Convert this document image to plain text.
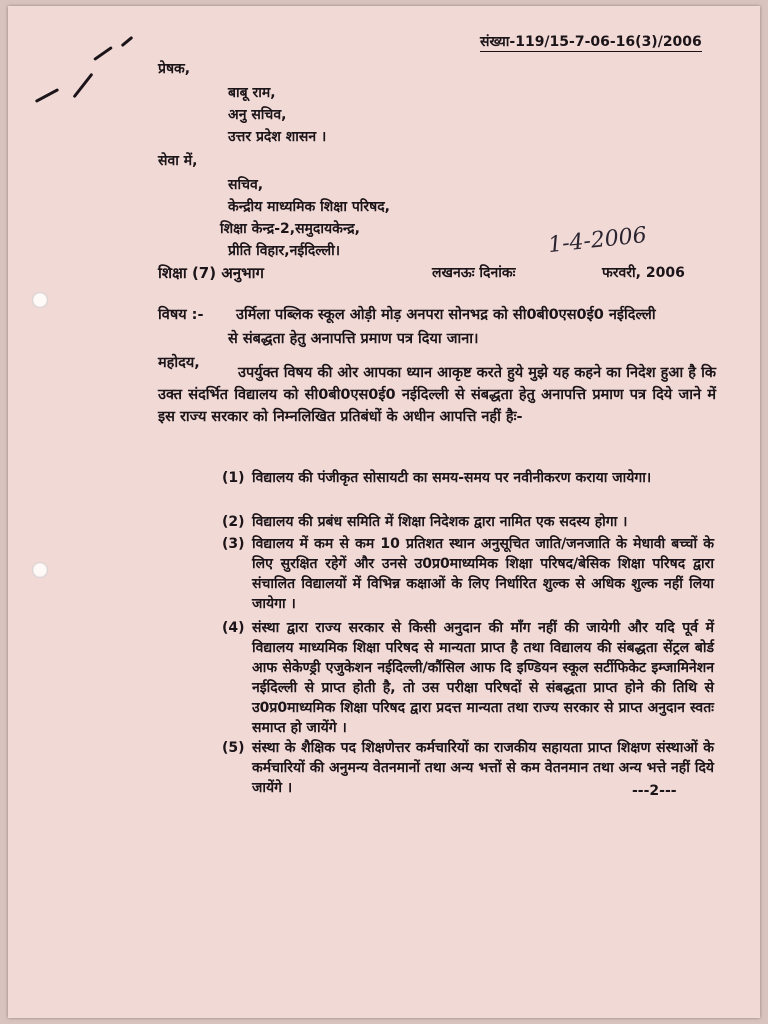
संख्या-119/15-7-06-16(3)/2006
प्रेषक,
बाबू राम,
अनु सचिव,
उत्तर प्रदेश शासन ।
सेवा में,
सचिव,
केन्द्रीय माध्यमिक शिक्षा परिषद,
शिक्षा केन्द्र-2,समुदायकेन्द्र,
प्रीति विहार,नईदिल्ली।
शिक्षा (7) अनुभाग	लखनऊः दिनांकः
1-4-2006
फरवरी, 2006
विषय :- उर्मिला पब्लिक स्कूल ओड़ी मोड़ अनपरा सोनभद्र को सी0बी0एस0ई0 नईदिल्ली
से संबद्धता हेतु अनापत्ति प्रमाण पत्र दिया जाना।
महोदय,
उपर्युक्त विषय की ओर आपका ध्यान आकृष्ट करते हुये मुझे यह कहने का निदेश हुआ है कि उक्त संदर्भित विद्यालय को सी0बी0एस0ई0 नईदिल्ली से संबद्धता हेतु अनापत्ति प्रमाण पत्र दिये जाने में इस राज्य सरकार को निम्नलिखित प्रतिबंधों के अधीन आपत्ति नहीं हैः-
(1) विद्यालय की पंजीकृत सोसायटी का समय-समय पर नवीनीकरण कराया जायेगा।
(2) विद्यालय की प्रबंध समिति में शिक्षा निदेशक द्वारा नामित एक सदस्य होगा ।
(3) विद्यालय में कम से कम 10 प्रतिशत स्थान अनुसूचित जाति/जनजाति के मेधावी बच्चों के लिए सुरक्षित रहेगें और उनसे उ0प्र0माध्यमिक शिक्षा परिषद/बेसिक शिक्षा परिषद द्वारा संचालित विद्यालयों में विभिन्न कक्षाओं के लिए निर्धारित शुल्क से अधिक शुल्क नहीं लिया जायेगा ।
(4) संस्था द्वारा राज्य सरकार से किसी अनुदान की माँग नहीं की जायेगी और यदि पूर्व में विद्यालय माध्यमिक शिक्षा परिषद से मान्यता प्राप्त है तथा विद्यालय की संबद्धता सेंट्रल बोर्ड आफ सेकेण्ड्री एजुकेशन नईदिल्ली/कौंसिल आफ दि इण्डियन स्कूल सर्टीफिकेट इम्जामिनेशन नईदिल्ली से प्राप्त होती है, तो उस परीक्षा परिषदों से संबद्धता प्राप्त होने की तिथि से उ0प्र0माध्यमिक शिक्षा परिषद द्वारा प्रदत्त मान्यता तथा राज्य सरकार से प्राप्त अनुदान स्वतः समाप्त हो जायेंगे ।
(5) संस्था के शैक्षिक पद शिक्षणेत्तर कर्मचारियों का राजकीय सहायता प्राप्त शिक्षण संस्थाओं के कर्मचारियों की अनुमन्य वेतनमानों तथा अन्य भत्तों से कम वेतनमान तथा अन्य भत्ते नहीं दिये जायेंगे ।	---2---
